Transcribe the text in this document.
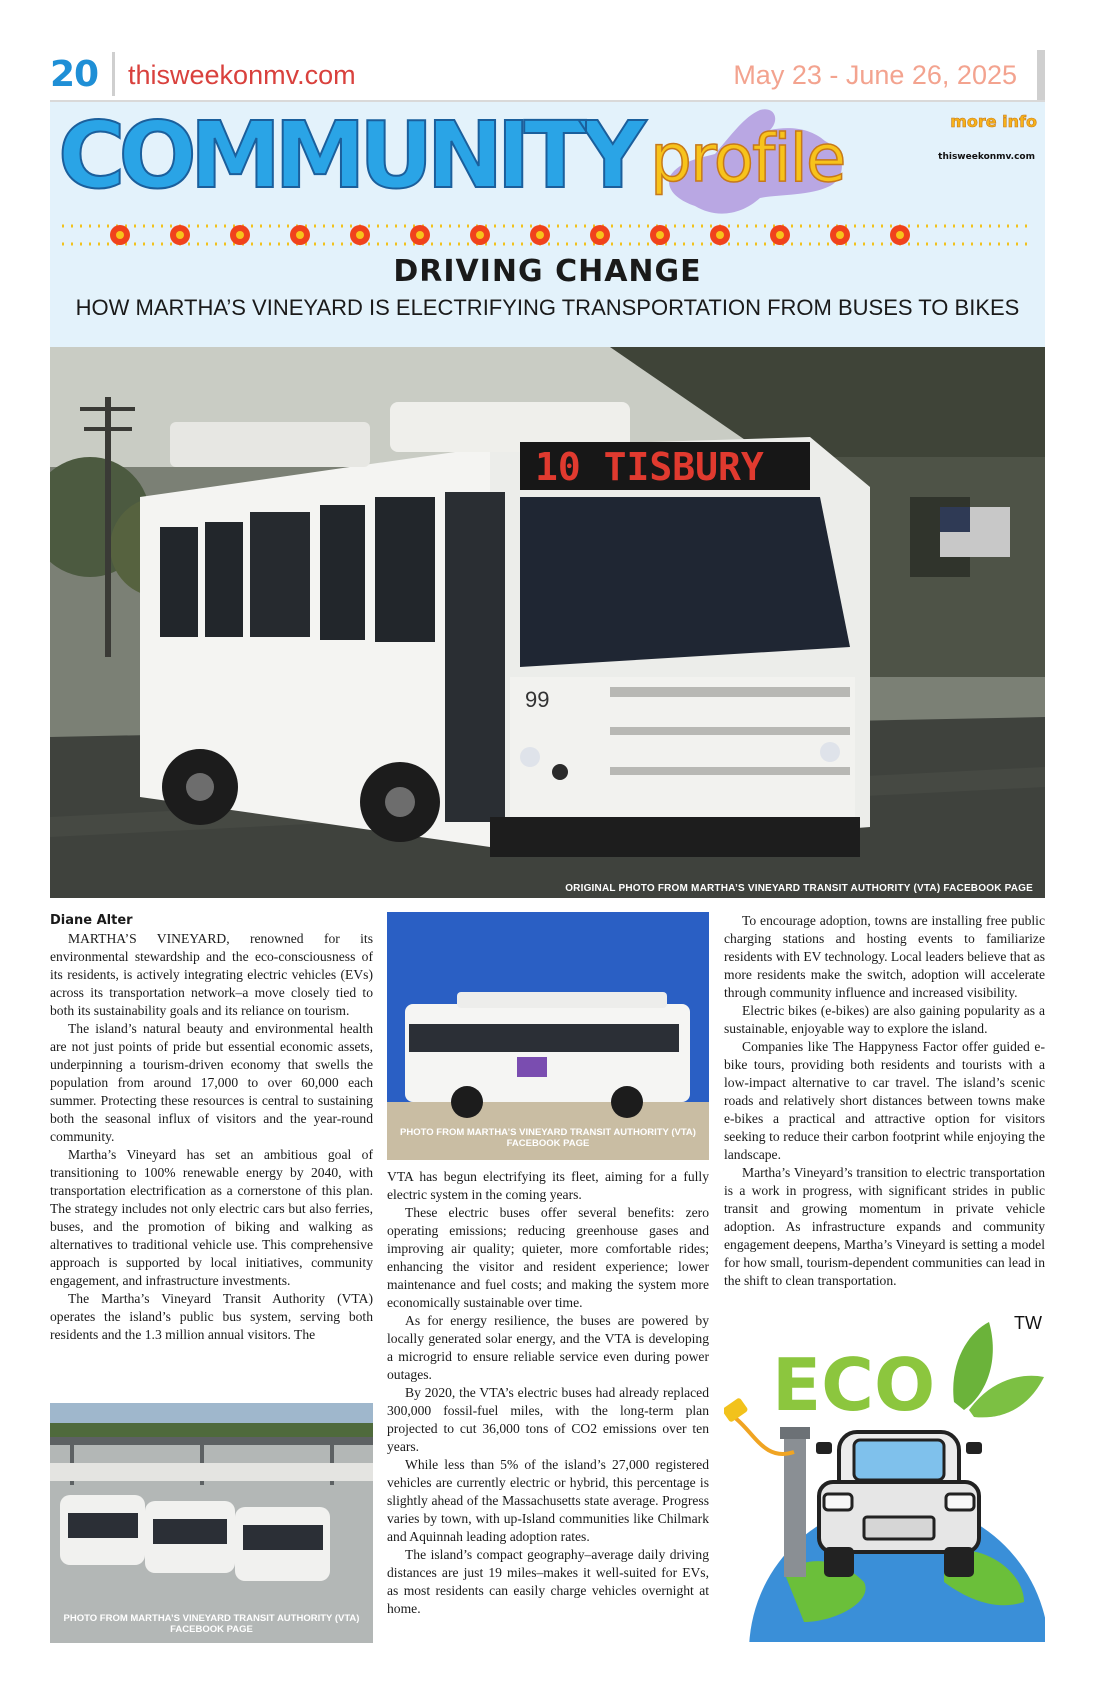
20 thisweekonmv.com	May 23 - June 26, 2025
COMMUNITY profile	more info
thisweekonmv.com
DRIVING CHANGE
HOW MARTHA’S VINEYARD IS ELECTRIFYING TRANSPORTATION FROM BUSES TO BIKES
10 TISBURY
99
ORIGINAL PHOTO FROM MARTHA’S VINEYARD TRANSIT AUTHORITY (VTA) FACEBOOK PAGE

Diane Alter

MARTHA’S VINEYARD, renowned for its environmental stewardship and the eco-consciousness of its residents, is actively integrating electric vehicles (EVs) across its transportation network–a move closely tied to both its sustainability goals and its reliance on tourism.

The island’s natural beauty and environmental health are not just points of pride but essential economic assets, underpinning a tourism-driven economy that swells the population from around 17,000 to over 60,000 each summer. Protecting these resources is central to sustaining both the seasonal influx of visitors and the year-round community.

Martha’s Vineyard has set an ambitious goal of transitioning to 100% renewable energy by 2040, with transportation electrification as a cornerstone of this plan. The strategy includes not only electric cars but also ferries, buses, and the promotion of biking and walking as alternatives to traditional vehicle use. This comprehensive approach is supported by local initiatives, community engagement, and infrastructure investments.

The Martha’s Vineyard Transit Authority (VTA) operates the island’s public bus system, serving both residents and the 1.3 million annual visitors. The

PHOTO FROM MARTHA’S VINEYARD TRANSIT AUTHORITY (VTA) FACEBOOK PAGE

VTA has begun electrifying its fleet, aiming for a fully electric system in the coming years.

These electric buses offer several benefits: zero operating emissions; reducing greenhouse gases and improving air quality; quieter, more comfortable rides; enhancing the visitor and resident experience; lower maintenance and fuel costs; and making the system more economically sustainable over time.

As for energy resilience, the buses are powered by locally generated solar energy, and the VTA is developing a microgrid to ensure reliable service even during power outages.

By 2020, the VTA’s electric buses had already replaced 300,000 fossil-fuel miles, with the long-term plan projected to cut 36,000 tons of CO2 emissions over ten years.

While less than 5% of the island’s 27,000 registered vehicles are currently electric or hybrid, this percentage is slightly ahead of the Massachusetts state average. Progress varies by town, with up-Island communities like Chilmark and Aquinnah leading adoption rates.

The island’s compact geography–average daily driving distances are just 19 miles–makes it well-suited for EVs, as most residents can easily charge vehicles overnight at home.

PHOTO FROM MARTHA’S VINEYARD TRANSIT AUTHORITY (VTA) FACEBOOK PAGE

To encourage adoption, towns are installing free public charging stations and hosting events to familiarize residents with EV technology. Local leaders believe that as more residents make the switch, adoption will accelerate through community influence and increased visibility.

Electric bikes (e-bikes) are also gaining popularity as a sustainable, enjoyable way to explore the island.

Companies like The Happyness Factor offer guided e-bike tours, providing both residents and tourists with a low-impact alternative to car travel. The island’s scenic roads and relatively short distances between towns make e-bikes a practical and attractive option for visitors seeking to reduce their carbon footprint while enjoying the landscape.

Martha’s Vineyard’s transition to electric transportation is a work in progress, with significant strides in public transit and growing momentum in private vehicle adoption. As infrastructure expands and community engagement deepens, Martha’s Vineyard is setting a model for how small, tourism-dependent communities can lead in the shift to clean transportation.

TW
ECO
